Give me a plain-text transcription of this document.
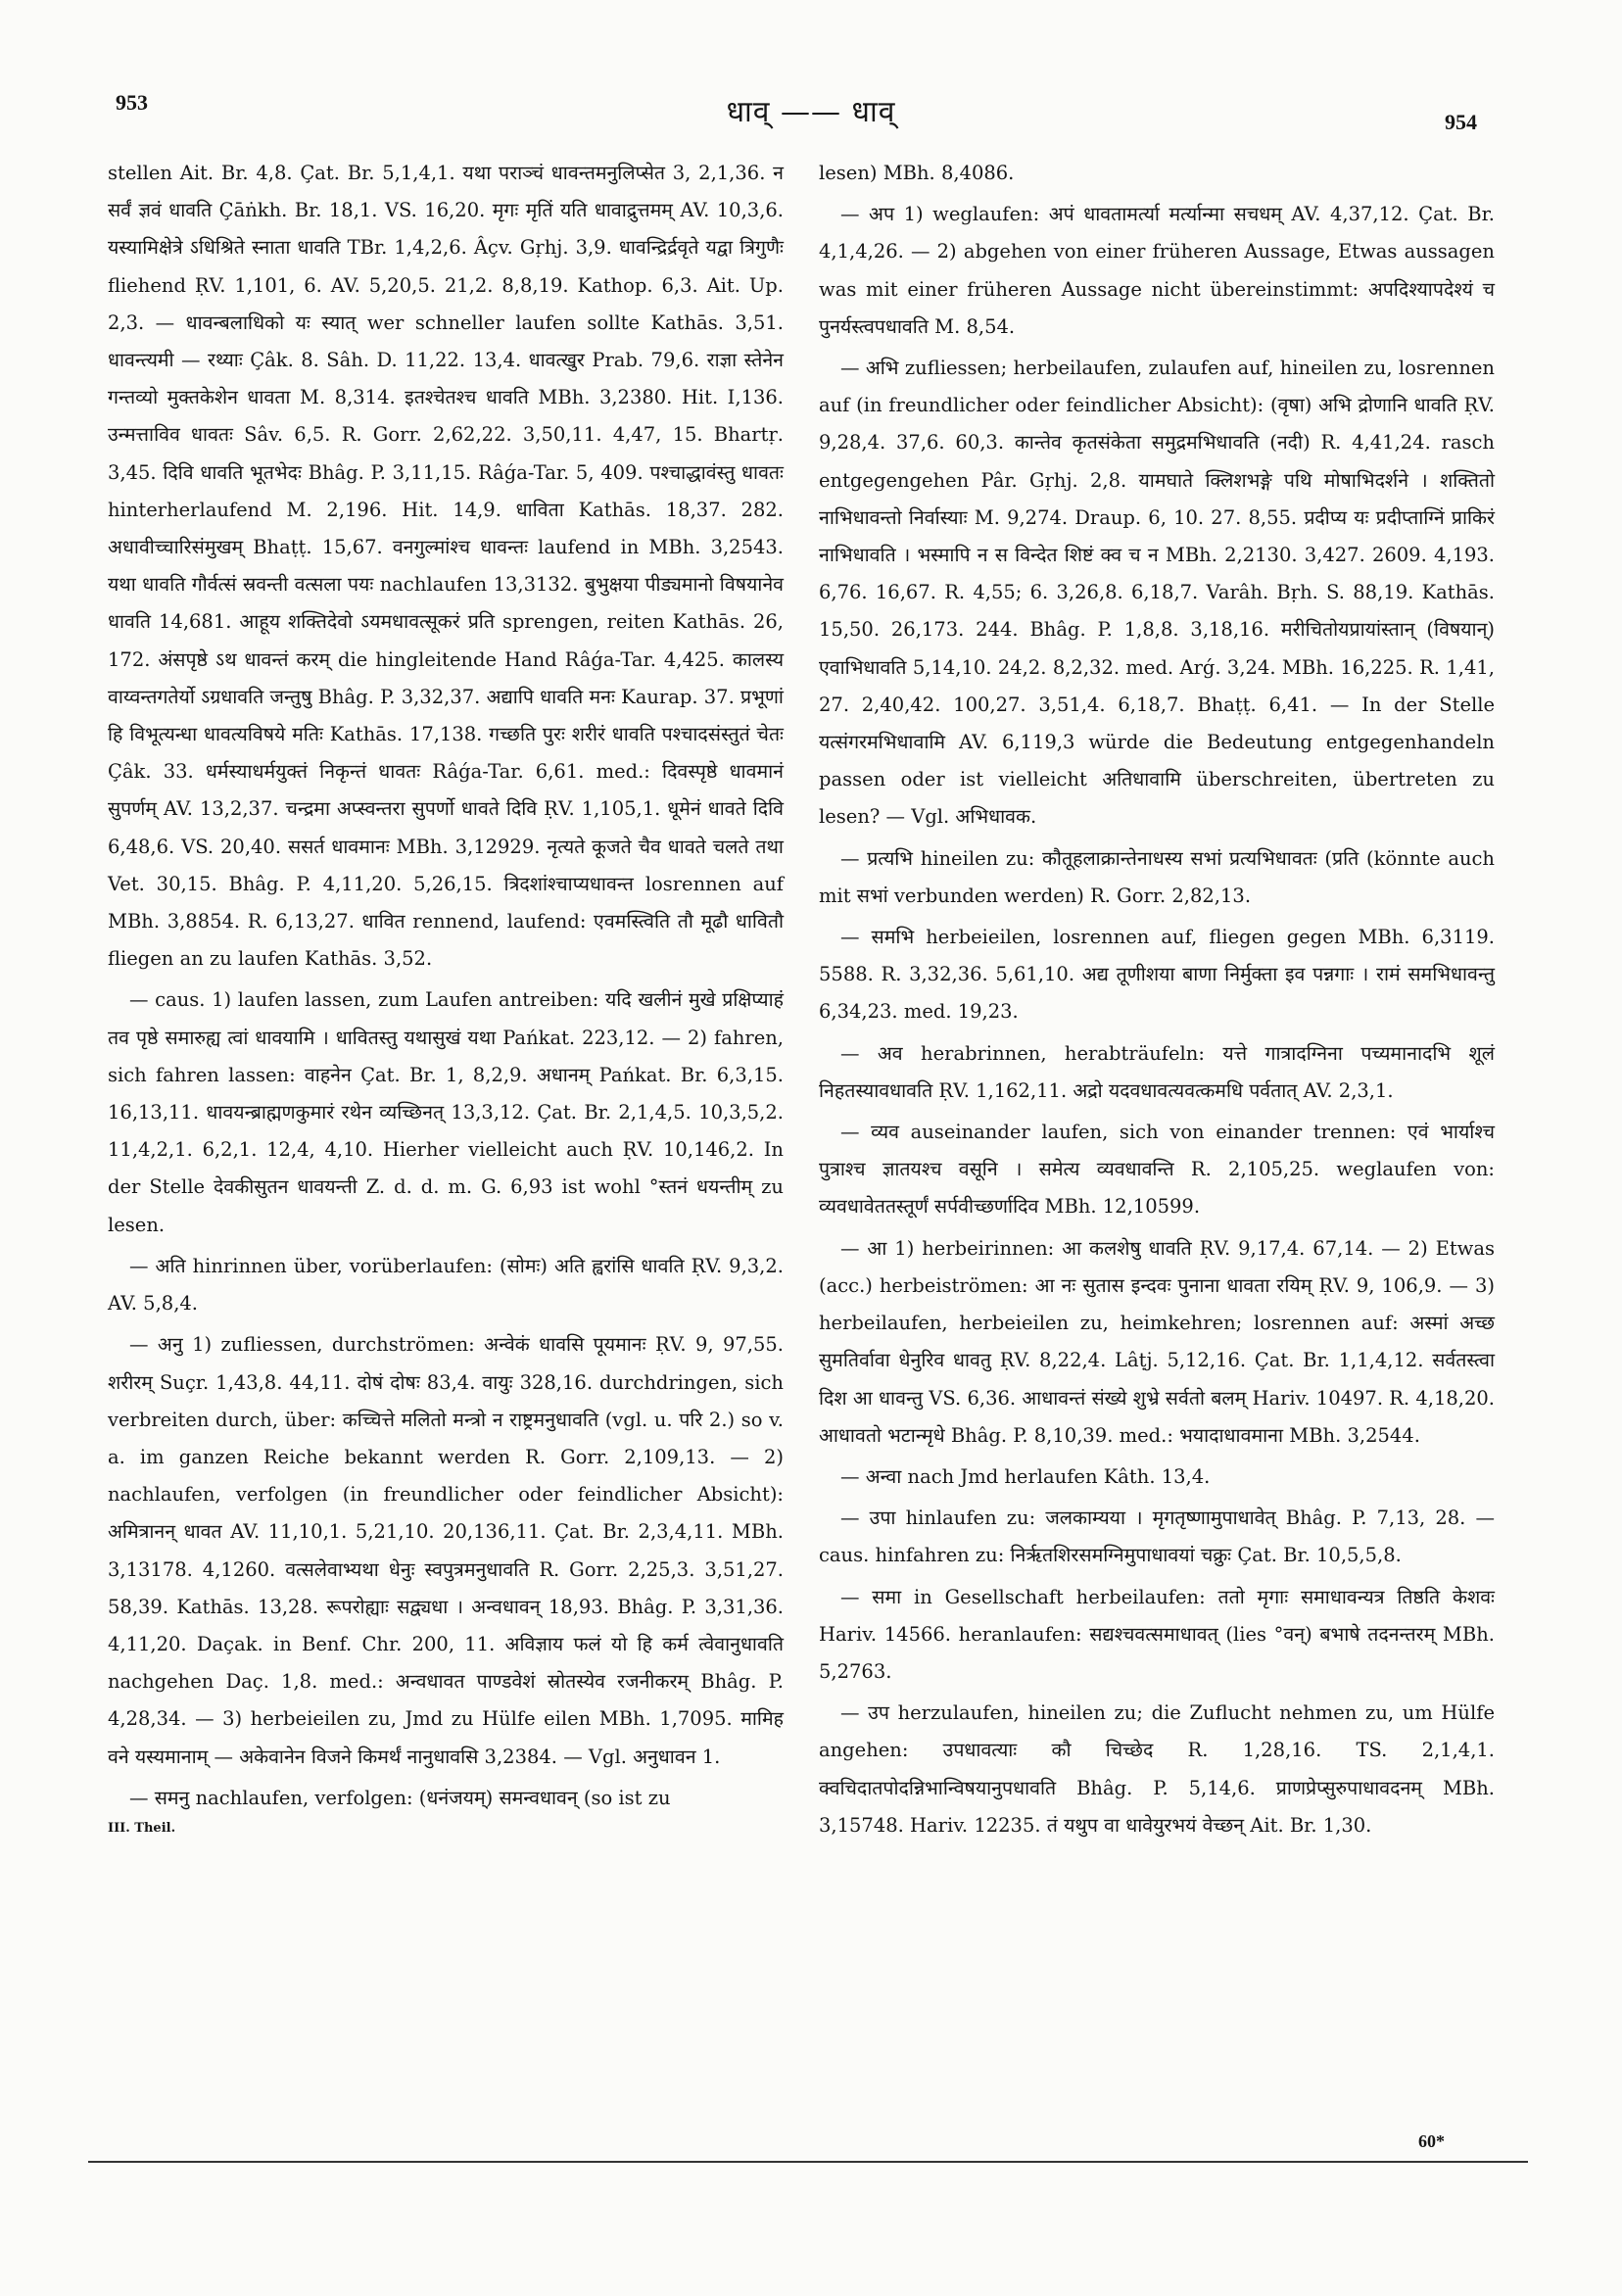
953	धाव् —— धाव्	954

stellen Ait. Br. 4,8. Çat. Br. 5,1,4,1. यथा पराञ्चं धावन्तमनुलिप्सेत 3, 2,1,36. न सर्वं ज्ञवं धावति Çāṅkh. Br. 18,1. VS. 16,20. मृगः मृतिं यति धावाद्रुत्तमम् AV. 10,3,6. यस्यामिक्षेत्रे ऽधिश्रिते स्नाता धावति TBr. 1,4,2,6. Âçv. Gṛhj. 3,9. धावन्द्रिर्द्रवृते यद्वा त्रिगुणैः fliehend ṚV. 1,101, 6. AV. 5,20,5. 21,2. 8,8,19. Kathop. 6,3. Ait. Up. 2,3. — धावन्बलाधिको यः स्यात् wer schneller laufen sollte Kathās. 3,51. धावन्त्यमी — रथ्याः Çâk. 8. Sâh. D. 11,22. 13,4. धावत्खुर Prab. 79,6. राज्ञा स्तेनेन गन्तव्यो मुक्तकेशेन धावता M. 8,314. इतश्चेतश्च धावति MBh. 3,2380. Hit. I,136. उन्मत्ताविव धावतः Sâv. 6,5. R. Gorr. 2,62,22. 3,50,11. 4,47, 15. Bhartṛ. 3,45. दिवि धावति भूतभेदः Bhâg. P. 3,11,15. Râǵa-Tar. 5, 409. पश्चाद्धावंस्तु धावतः hinterherlaufend M. 2,196. Hit. 14,9. धाविता Kathās. 18,37. 282. अधावीच्चारिसंमुखम् Bhaṭṭ. 15,67. वनगुल्मांश्च धावन्तः laufend in MBh. 3,2543. यथा धावति गौर्वत्सं स्रवन्ती वत्सला पयः nachlaufen 13,3132. बुभुक्षया पीड्यमानो विषयानेव धावति 14,681. आहूय शक्तिदेवो ऽयमधावत्सूकरं प्रति sprengen, reiten Kathās. 26, 172. अंसपृष्ठे ऽथ धावन्तं करम् die hingleitende Hand Râǵa-Tar. 4,425. कालस्य वाय्वन्तगतेर्यो ऽग्रधावति जन्तुषु Bhâg. P. 3,32,37. अद्यापि धावति मनः Kaurap. 37. प्रभूणां हि विभूत्यन्धा धावत्यविषये मतिः Kathās. 17,138. गच्छति पुरः शरीरं धावति पश्चादसंस्तुतं चेतः Çâk. 33. धर्मस्याधर्मयुक्तं निकृन्तं धावतः Râǵa-Tar. 6,61. med.: दिवस्पृष्ठे धावमानं सुपर्णम् AV. 13,2,37. चन्द्रमा अप्स्वन्तरा सुपर्णो धावते दिवि ṚV. 1,105,1. धूमेनं धावते दिवि 6,48,6. VS. 20,40. ससर्त धावमानः MBh. 3,12929. नृत्यते कूजते चैव धावते चलते तथा Vet. 30,15. Bhâg. P. 4,11,20. 5,26,15. त्रिदशांश्चाप्यधावन्त losrennen auf MBh. 3,8854. R. 6,13,27. धावित rennend, laufend: एवमस्त्विति तौ मूढौ धावितौ fliegen an zu laufen Kathās. 3,52.

— caus. 1) laufen lassen, zum Laufen antreiben: यदि खलीनं मुखे प्रक्षिप्याहं तव पृष्ठे समारुह्य त्वां धावयामि । धावितस्तु यथासुखं यथा Pańkat. 223,12. — 2) fahren, sich fahren lassen: वाहनेन Çat. Br. 1, 8,2,9. अधानम् Pańkat. Br. 6,3,15. 16,13,11. धावयन्ब्राह्मणकुमारं रथेन व्यच्छिनत् 13,3,12. Çat. Br. 2,1,4,5. 10,3,5,2. 11,4,2,1. 6,2,1. 12,4, 4,10. Hierher vielleicht auch ṚV. 10,146,2. In der Stelle देवकीसुतन धावयन्ती Z. d. d. m. G. 6,93 ist wohl °स्तनं धयन्तीम् zu lesen.

— अति hinrinnen über, vorüberlaufen: (सोमः) अति ह्वरांसि धावति ṚV. 9,3,2. AV. 5,8,4.

— अनु 1) zufliessen, durchströmen: अन्वेकं धावसि पूयमानः ṚV. 9, 97,55. शरीरम् Suçr. 1,43,8. 44,11. दोषं दोषः 83,4. वायुः 328,16. durchdringen, sich verbreiten durch, über: कच्चित्ते मलितो मन्त्रो न राष्ट्रमनुधावति (vgl. u. परि 2.) so v. a. im ganzen Reiche bekannt werden R. Gorr. 2,109,13. — 2) nachlaufen, verfolgen (in freundlicher oder feindlicher Absicht): अमित्रानन् धावत AV. 11,10,1. 5,21,10. 20,136,11. Çat. Br. 2,3,4,11. MBh. 3,13178. 4,1260. वत्सलेवाभ्यथा धेनुः स्वपुत्रमनुधावति R. Gorr. 2,25,3. 3,51,27. 58,39. Kathās. 13,28. रूपरोह्याः सद्व्यधा । अन्वधावन् 18,93. Bhâg. P. 3,31,36. 4,11,20. Daçak. in Benf. Chr. 200, 11. अविज्ञाय फलं यो हि कर्म त्वेवानुधावति nachgehen Daç. 1,8. med.: अन्वधावत पाण्डवेशं स्रोतस्येव रजनीकरम् Bhâg. P. 4,28,34. — 3) herbeieilen zu, Jmd zu Hülfe eilen MBh. 1,7095. मामिह वने यस्यमानाम् — अकेवानेन विजने किमर्थं नानुधावसि 3,2384. — Vgl. अनुधावन 1.

— समनु nachlaufen, verfolgen: (धनंजयम्) समन्वधावन् (so ist zu

III. Theil.

lesen) MBh. 8,4086.

— अप 1) weglaufen: अपं धावतामर्त्या मर्त्यान्मा सचधम् AV. 4,37,12. Çat. Br. 4,1,4,26. — 2) abgehen von einer früheren Aussage, Etwas aussagen was mit einer früheren Aussage nicht übereinstimmt: अपदिश्यापदेश्यं च पुनर्यस्त्वपधावति M. 8,54.

— अभि zufliessen; herbeilaufen, zulaufen auf, hineilen zu, losrennen auf (in freundlicher oder feindlicher Absicht): (वृषा) अभि द्रोणानि धावति ṚV. 9,28,4. 37,6. 60,3. कान्तेव कृतसंकेता समुद्रमभिधावति (नदी) R. 4,41,24. rasch entgegengehen Pâr. Gṛhj. 2,8. यामघाते क्लिशभङ्गे पथि मोषाभिदर्शने । शक्तितो नाभिधावन्तो निर्वास्याः M. 9,274. Draup. 6, 10. 27. 8,55. प्रदीप्य यः प्रदीप्ताग्निं प्राकिरं नाभिधावति । भस्मापि न स विन्देत शिष्टं क्व च न MBh. 2,2130. 3,427. 2609. 4,193. 6,76. 16,67. R. 4,55; 6. 3,26,8. 6,18,7. Varâh. Bṛh. S. 88,19. Kathās. 15,50. 26,173. 244. Bhâg. P. 1,8,8. 3,18,16. मरीचितोयप्रायांस्तान् (विषयान्) एवाभिधावति 5,14,10. 24,2. 8,2,32. med. Arǵ. 3,24. MBh. 16,225. R. 1,41, 27. 2,40,42. 100,27. 3,51,4. 6,18,7. Bhaṭṭ. 6,41. — In der Stelle यत्संगरमभिधावामि AV. 6,119,3 würde die Bedeutung entgegenhandeln passen oder ist vielleicht अतिधावामि überschreiten, übertreten zu lesen? — Vgl. अभिधावक.

— प्रत्यभि hineilen zu: कौतूहलाक्रान्तेनाधस्य सभां प्रत्यभिधावतः (प्रति (könnte auch mit सभां verbunden werden) R. Gorr. 2,82,13.

— समभि herbeieilen, losrennen auf, fliegen gegen MBh. 6,3119. 5588. R. 3,32,36. 5,61,10. अद्य तूणीशया बाणा निर्मुक्ता इव पन्नगाः । रामं समभिधावन्तु 6,34,23. med. 19,23.

— अव herabrinnen, herabträufeln: यत्ते गात्रादग्निना पच्यमानादभि शूलं निहतस्यावधावति ṚV. 1,162,11. अद्रो यदवधावत्यवत्कमधि पर्वतात् AV. 2,3,1.

— व्यव auseinander laufen, sich von einander trennen: एवं भार्याश्च पुत्राश्च ज्ञातयश्च वसूनि । समेत्य व्यवधावन्ति R. 2,105,25. weglaufen von: व्यवधावेततस्तूर्णं सर्पवीच्छर्णादिव MBh. 12,10599.

— आ 1) herbeirinnen: आ कलशेषु धावति ṚV. 9,17,4. 67,14. — 2) Etwas (acc.) herbeiströmen: आ नः सुतास इन्दवः पुनाना धावता रयिम् ṚV. 9, 106,9. — 3) herbeilaufen, herbeieilen zu, heimkehren; losrennen auf: अस्मां अच्छ सुमतिर्वावा धेनुरिव धावतु ṚV. 8,22,4. Lâṭj. 5,12,16. Çat. Br. 1,1,4,12. सर्वतस्त्वा दिश आ धावन्तु VS. 6,36. आधावन्तं संख्ये शुभ्रे सर्वतो बलम् Hariv. 10497. R. 4,18,20. आधावतो भटान्मृधे Bhâg. P. 8,10,39. med.: भयादाधावमाना MBh. 3,2544.

— अन्वा nach Jmd herlaufen Kâth. 13,4.

— उपा hinlaufen zu: जलकाम्यया । मृगतृष्णामुपाधावेत् Bhâg. P. 7,13, 28. — caus. hinfahren zu: निर्ऋतशिरसमग्निमुपाधावयां चक्रुः Çat. Br. 10,5,5,8.

— समा in Gesellschaft herbeilaufen: ततो मृगाः समाधावन्यत्र तिष्ठति केशवः Hariv. 14566. heranlaufen: सद्यश्चवत्समाधावत् (lies °वन्) बभाषे तदनन्तरम् MBh. 5,2763.

— उप herzulaufen, hineilen zu; die Zuflucht nehmen zu, um Hülfe angehen: उपधावत्याः कौ चिच्छेद R. 1,28,16. TS. 2,1,4,1. क्वचिदातपोदन्निभान्विषयानुपधावति Bhâg. P. 5,14,6. प्राणप्रेप्सुरुपाधावदनम् MBh. 3,15748. Hariv. 12235. तं यथुप वा धावेयुरभयं वेच्छन् Ait. Br. 1,30.

60*
